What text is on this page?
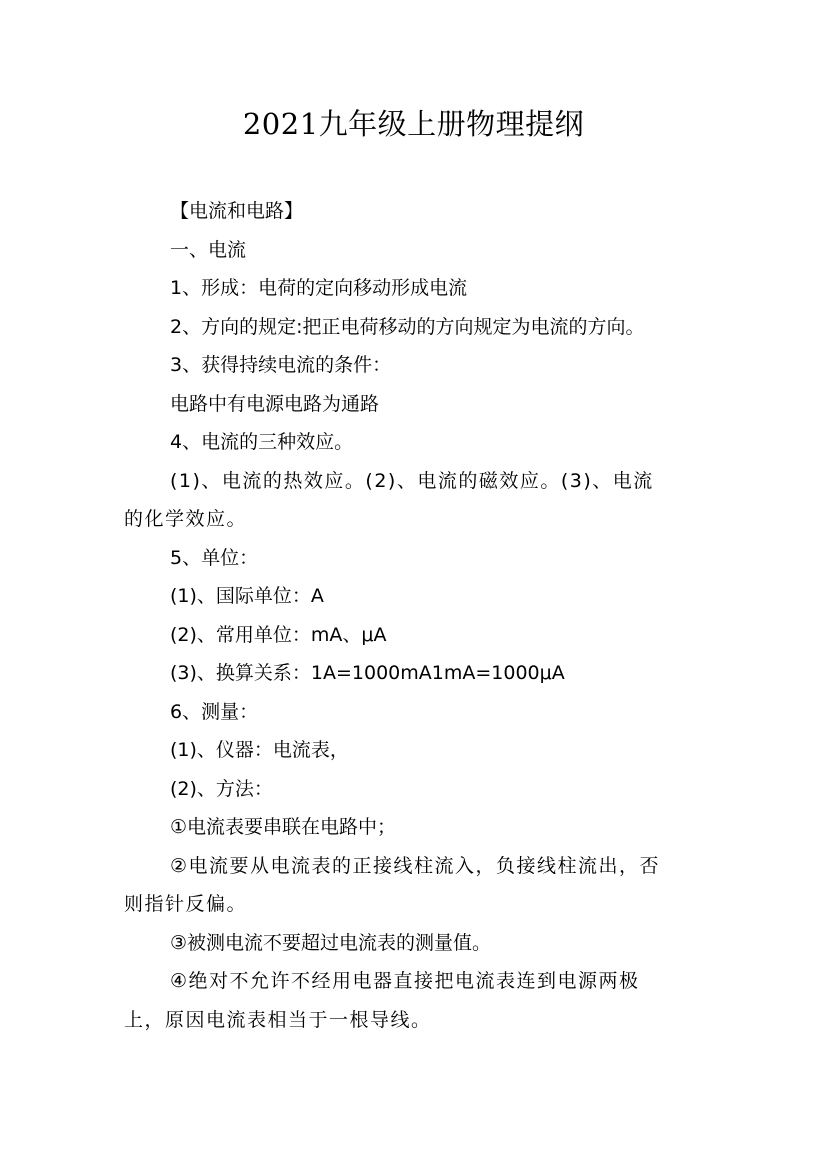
2021九年级上册物理提纲

【电流和电路】

一、电流

1、形成：电荷的定向移动形成电流

2、方向的规定:把正电荷移动的方向规定为电流的方向。

3、获得持续电流的条件：

电路中有电源电路为通路

4、电流的三种效应。

(1)、电流的热效应。(2)、电流的磁效应。(3)、电流
的化学效应。

5、单位：

(1)、国际单位：A

(2)、常用单位：mA、μA

(3)、换算关系：1A=1000mA1mA=1000μA

6、测量：

(1)、仪器：电流表，

(2)、方法：

①电流表要串联在电路中；

②电流要从电流表的正接线柱流入，负接线柱流出，否
则指针反偏。

③被测电流不要超过电流表的测量值。

④绝对不允许不经用电器直接把电流表连到电源两极
上，原因电流表相当于一根导线。
